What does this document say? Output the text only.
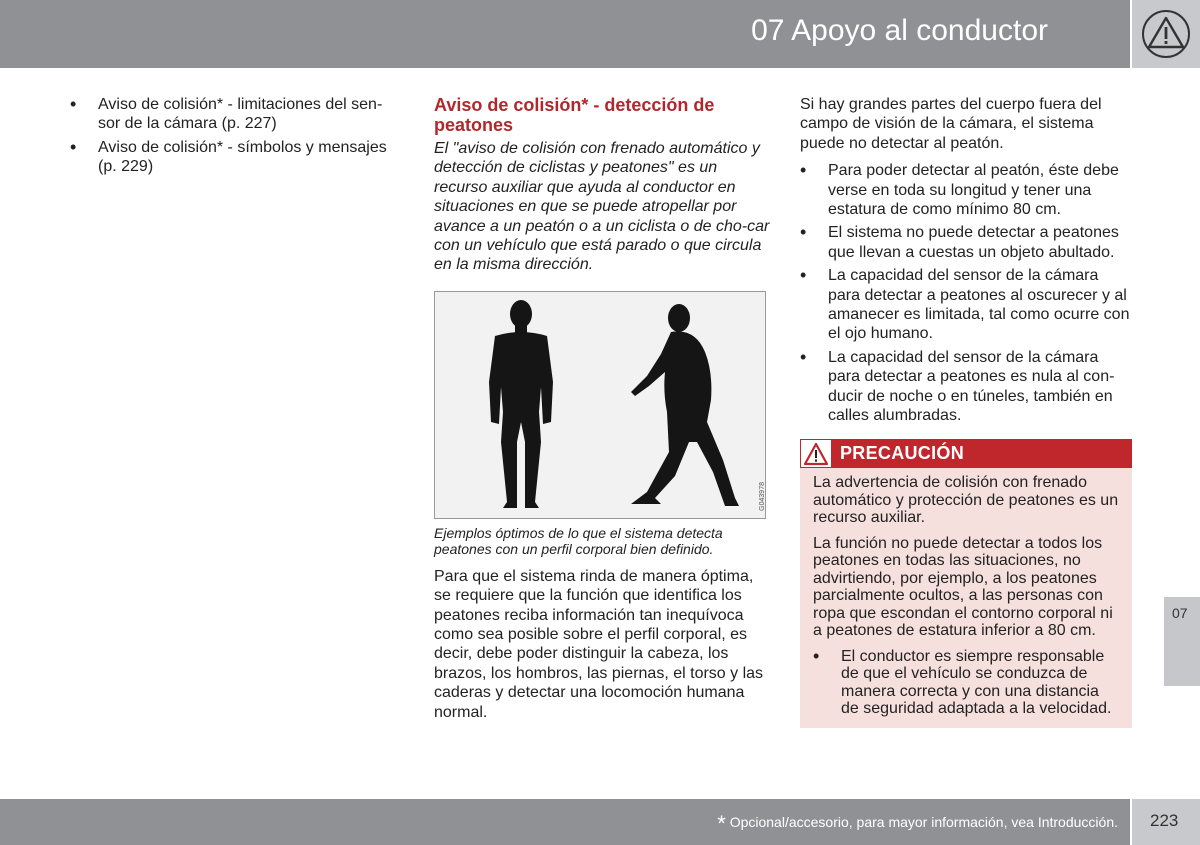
07 Apoyo al conductor
• Aviso de colisión* - limitaciones del sen-sor de la cámara (p. 227)
• Aviso de colisión* - símbolos y mensajes (p. 229)
Aviso de colisión* - detección de peatones

El "aviso de colisión con frenado automático y detección de ciclistas y peatones" es un recurso auxiliar que ayuda al conductor en situaciones en que se puede atropellar por avance a un peatón o a un ciclista o de cho-car con un vehículo que está parado o que circula en la misma dirección.

G043978

Ejemplos óptimos de lo que el sistema detecta peatones con un perfil corporal bien definido.

Para que el sistema rinda de manera óptima, se requiere que la función que identifica los peatones reciba información tan inequívoca como sea posible sobre el perfil corporal, es decir, debe poder distinguir la cabeza, los brazos, los hombros, las piernas, el torso y las caderas y detectar una locomoción humana normal.

Si hay grandes partes del cuerpo fuera del campo de visión de la cámara, el sistema puede no detectar al peatón.

• Para poder detectar al peatón, éste debe verse en toda su longitud y tener una estatura de como mínimo 80 cm.
• El sistema no puede detectar a peatones que llevan a cuestas un objeto abultado.
• La capacidad del sensor de la cámara para detectar a peatones al oscurecer y al amanecer es limitada, tal como ocurre con el ojo humano.
• La capacidad del sensor de la cámara para detectar a peatones es nula al con-ducir de noche o en túneles, también en calles alumbradas.
PRECAUCIÓN

La advertencia de colisión con frenado automático y protección de peatones es un recurso auxiliar.

La función no puede detectar a todos los peatones en todas las situaciones, no advirtiendo, por ejemplo, a los peatones parcialmente ocultos, a las personas con ropa que escondan el contorno corporal ni a peatones de estatura inferior a 80 cm.

• El conductor es siempre responsable de que el vehículo se conduzca de manera correcta y con una distancia de seguridad adaptada a la velocidad.
07
* Opcional/accesorio, para mayor información, vea Introducción. 223
